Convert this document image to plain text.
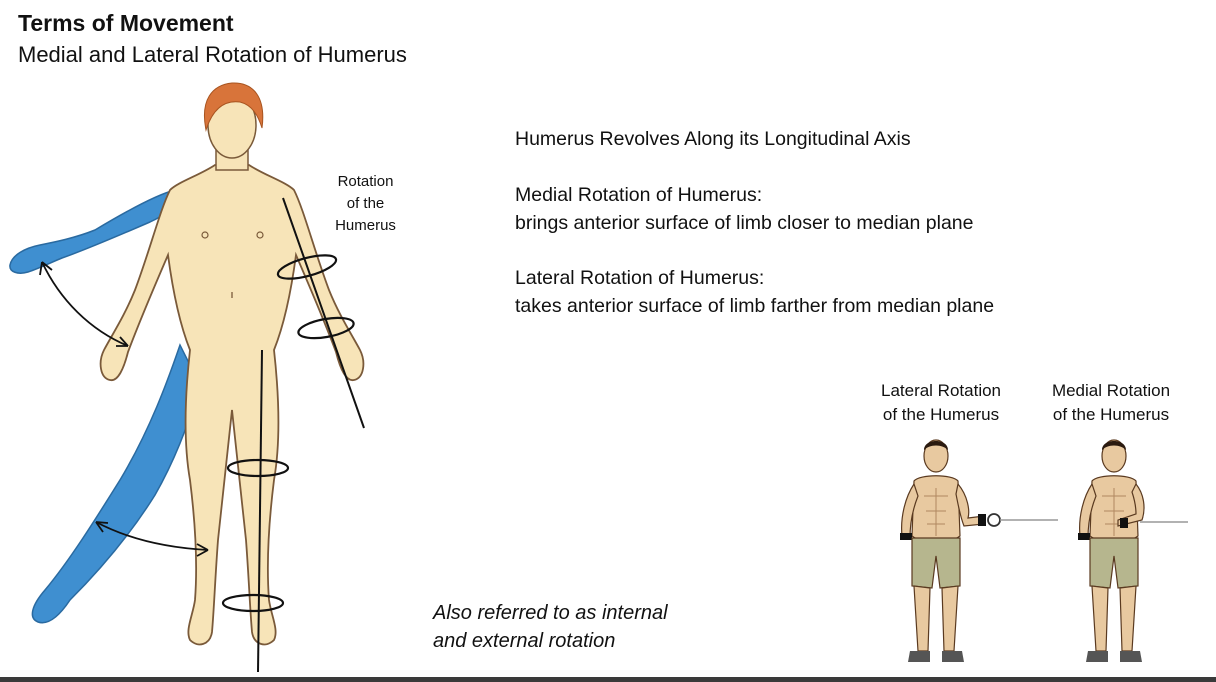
Terms of Movement
Medial and Lateral Rotation of Humerus
Rotation
of the
Humerus
Humerus Revolves Along its Longitudinal Axis
Medial Rotation of Humerus:
brings anterior surface of limb closer to median plane
Lateral Rotation of Humerus:
takes anterior surface of limb farther from median plane
Also referred to as internal
and external rotation
Lateral Rotation
of the Humerus
Medial Rotation
of the Humerus
